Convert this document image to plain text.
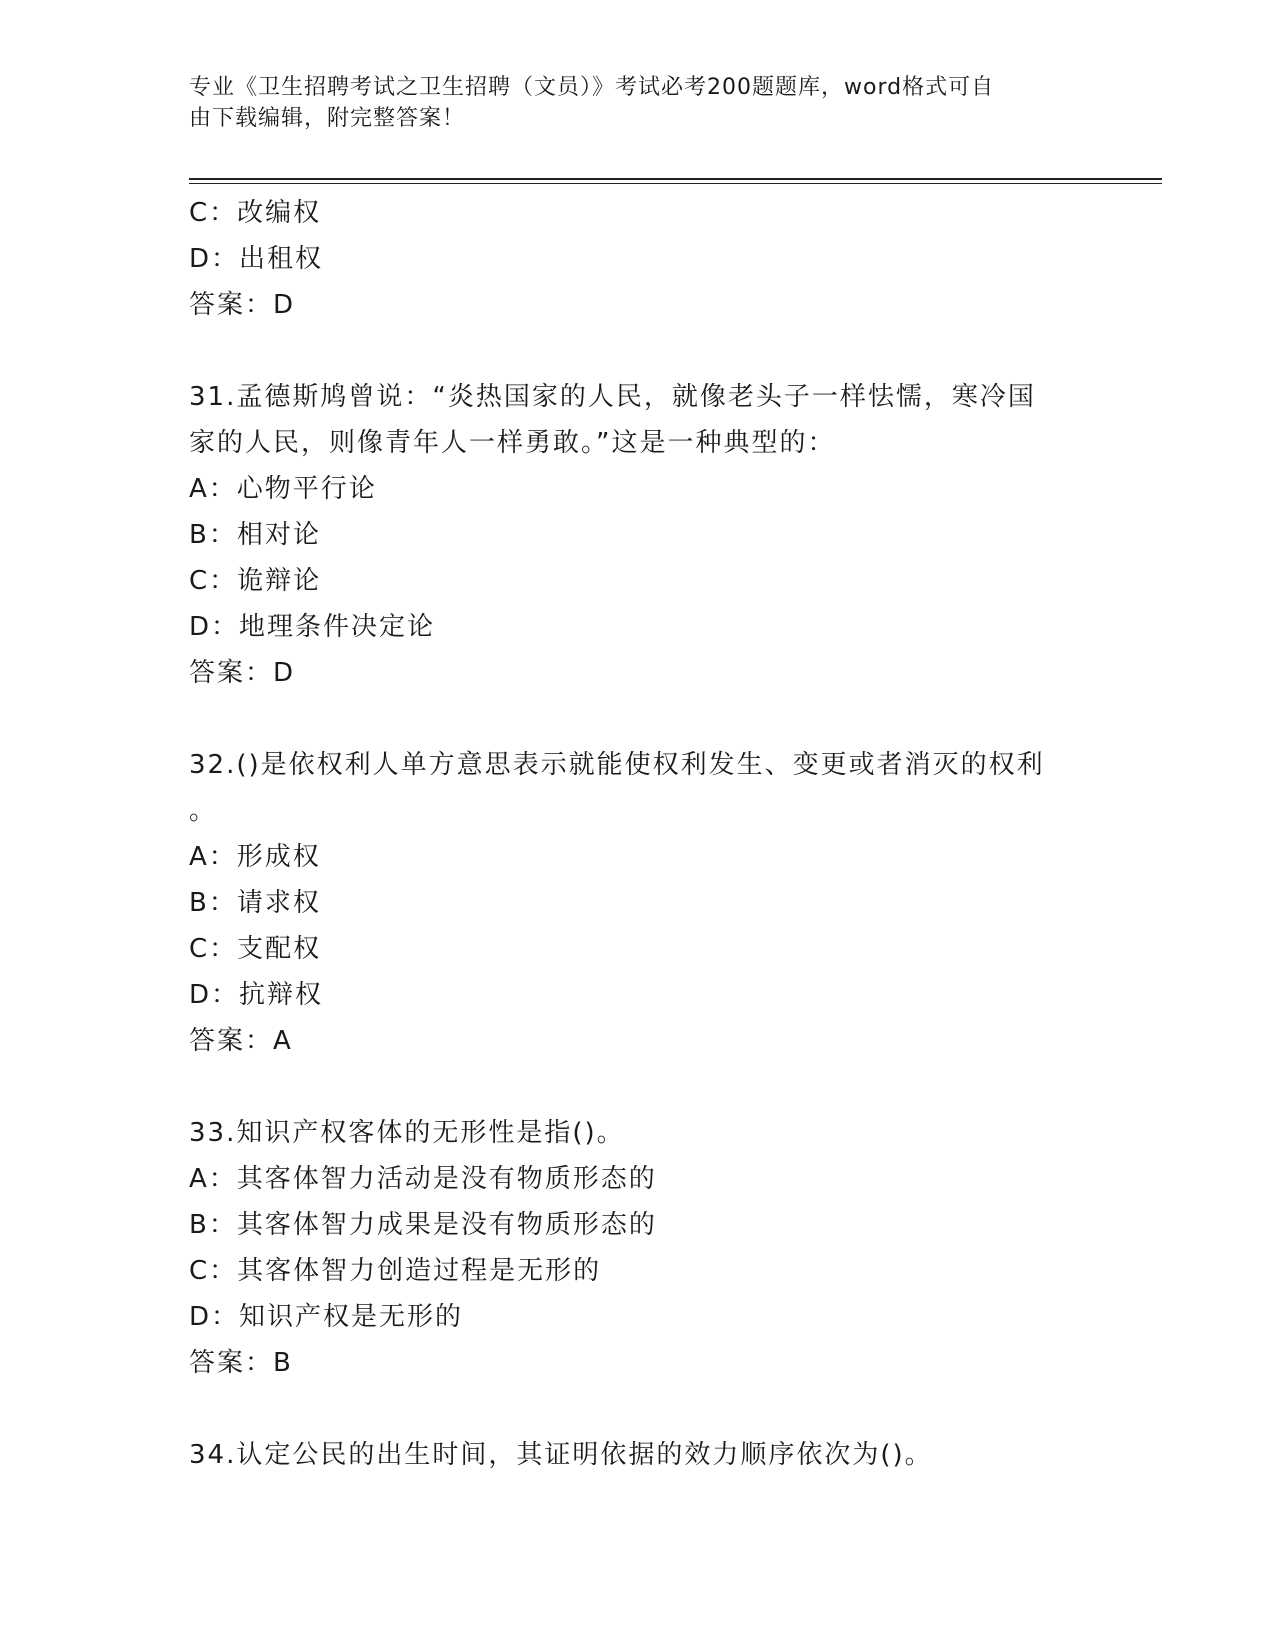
专业《卫生招聘考试之卫生招聘（文员）》考试必考200题题库，word格式可自

由下载编辑，附完整答案！

C：改编权
D：出租权
答案：D
31.孟德斯鸠曾说：“炎热国家的人民，就像老头子一样怯懦，寒冷国
家的人民，则像青年人一样勇敢。”这是一种典型的：
A：心物平行论
B：相对论
C：诡辩论
D：地理条件决定论
答案：D
32.()是依权利人单方意思表示就能使权利发生、变更或者消灭的权利
。
A：形成权
B：请求权
C：支配权
D：抗辩权
答案：A
33.知识产权客体的无形性是指()。
A：其客体智力活动是没有物质形态的
B：其客体智力成果是没有物质形态的
C：其客体智力创造过程是无形的
D：知识产权是无形的
答案：B
34.认定公民的出生时间，其证明依据的效力顺序依次为()。
